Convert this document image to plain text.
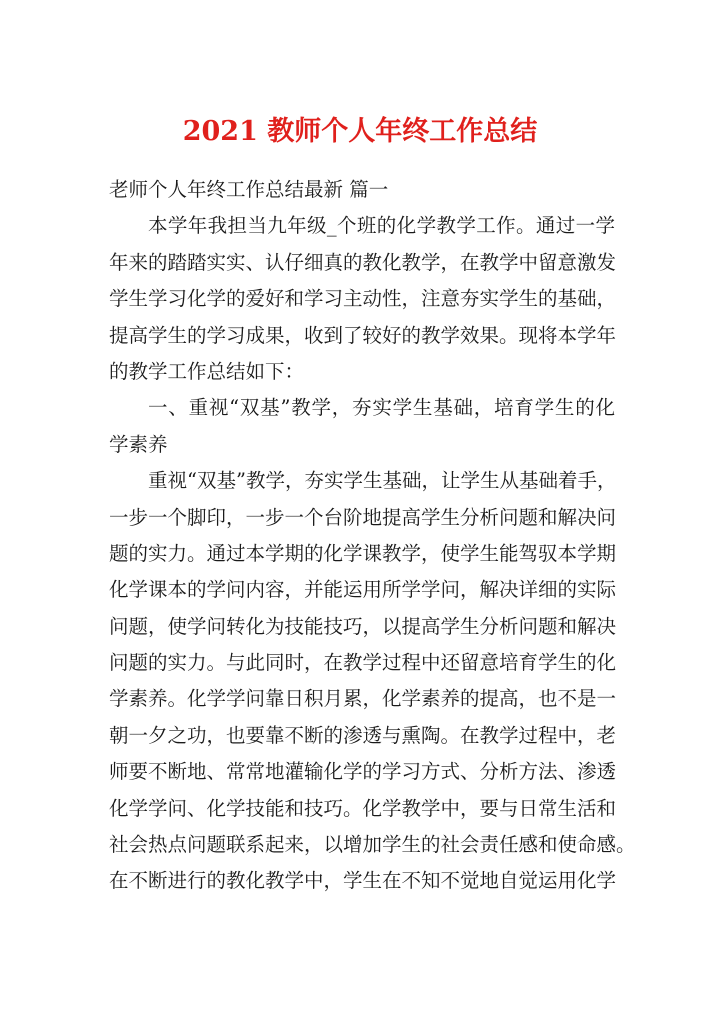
2021 教师个人年终工作总结
老师个人年终工作总结最新 篇一
本学年我担当九年级_个班的化学教学工作。通过一学
年来的踏踏实实、认仔细真的教化教学，在教学中留意激发
学生学习化学的爱好和学习主动性，注意夯实学生的基础，
提高学生的学习成果，收到了较好的教学效果。现将本学年
的教学工作总结如下：
一、重视“双基”教学，夯实学生基础，培育学生的化
学素养
重视“双基”教学，夯实学生基础，让学生从基础着手，
一步一个脚印，一步一个台阶地提高学生分析问题和解决问
题的实力。通过本学期的化学课教学，使学生能驾驭本学期
化学课本的学问内容，并能运用所学学问，解决详细的实际
问题，使学问转化为技能技巧，以提高学生分析问题和解决
问题的实力。与此同时，在教学过程中还留意培育学生的化
学素养。化学学问靠日积月累，化学素养的提高，也不是一
朝一夕之功，也要靠不断的渗透与熏陶。在教学过程中，老
师要不断地、常常地灌输化学的学习方式、分析方法、渗透
化学学问、化学技能和技巧。化学教学中，要与日常生活和
社会热点问题联系起来，以增加学生的社会责任感和使命感。
在不断进行的教化教学中，学生在不知不觉地自觉运用化学
